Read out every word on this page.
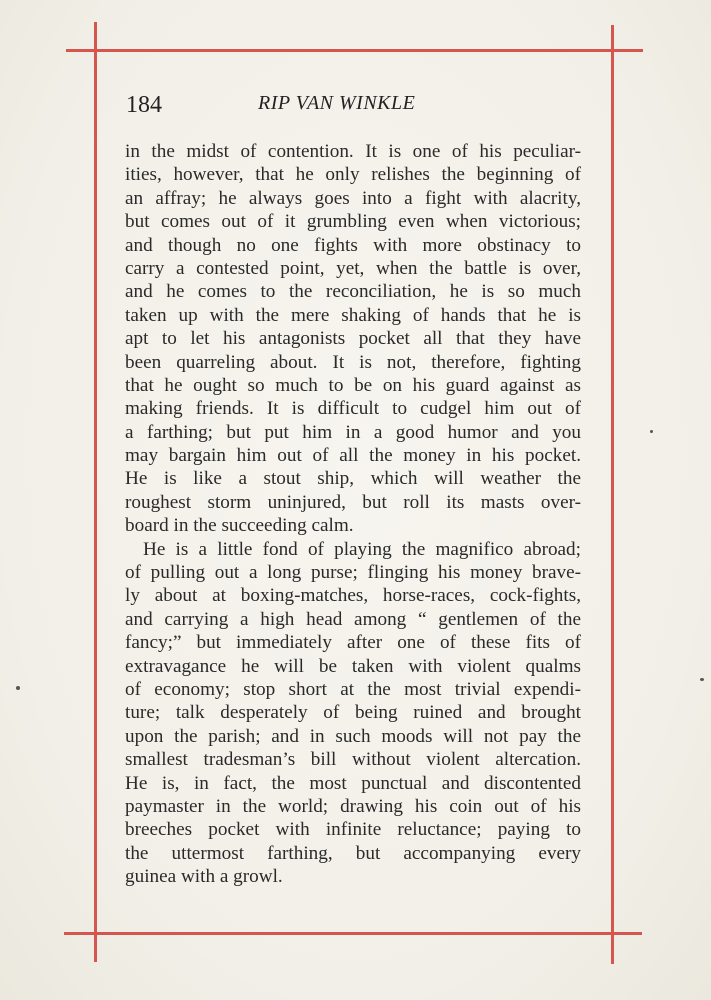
184	RIP VAN WINKLE
in the midst of contention. It is one of his peculiar-
ities, however, that he only relishes the beginning of
an affray; he always goes into a fight with alacrity,
but comes out of it grumbling even when victorious;
and though no one fights with more obstinacy to
carry a contested point, yet, when the battle is over,
and he comes to the reconciliation, he is so much
taken up with the mere shaking of hands that he is
apt to let his antagonists pocket all that they have
been quarreling about. It is not, therefore, fighting
that he ought so much to be on his guard against as
making friends. It is difficult to cudgel him out of
a farthing; but put him in a good humor and you
may bargain him out of all the money in his pocket.
He is like a stout ship, which will weather the
roughest storm uninjured, but roll its masts over-
board in the succeeding calm.
He is a little fond of playing the magnifico abroad;
of pulling out a long purse; flinging his money brave-
ly about at boxing-matches, horse-races, cock-fights,
and carrying a high head among “ gentlemen of the
fancy;” but immediately after one of these fits of
extravagance he will be taken with violent qualms
of economy; stop short at the most trivial expendi-
ture; talk desperately of being ruined and brought
upon the parish; and in such moods will not pay the
smallest tradesman’s bill without violent altercation.
He is, in fact, the most punctual and discontented
paymaster in the world; drawing his coin out of his
breeches pocket with infinite reluctance; paying to
the uttermost farthing, but accompanying every
guinea with a growl.
